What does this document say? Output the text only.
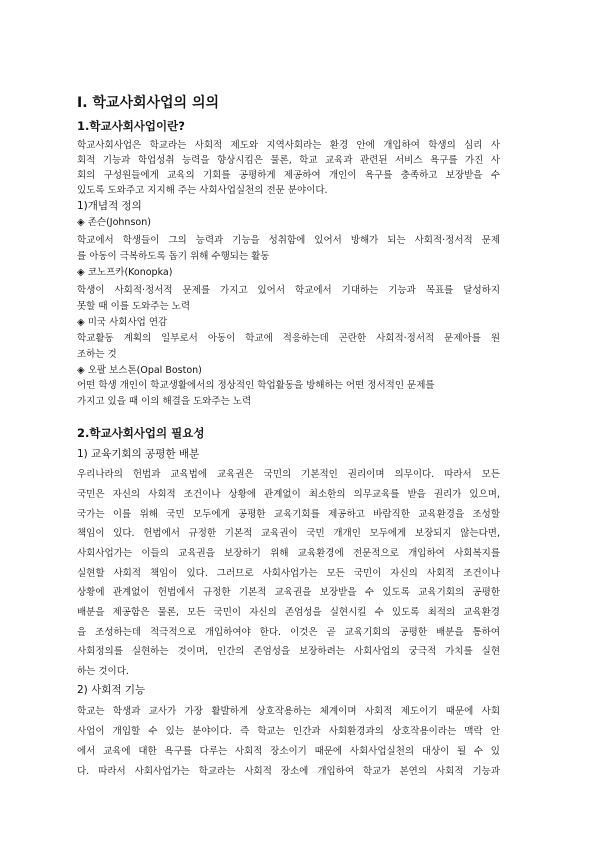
Ⅰ. 학교사회사업의 의의
1.학교사회사업이란?
학교사회사업은 학교라는 사회적 제도와 지역사회라는 환경 안에 개입하여 학생의 심리 사
회적 기능과 학업성취 능력을 향상시킴은 물론, 학교 교육과 관련된 서비스 욕구를 가진 사
회의 구성원들에게 교육의 기회를 공평하게 제공하여 개인이 욕구를 충족하고 보장받을 수
있도록 도와주고 지지해 주는 사회사업실천의 전문 분야이다.
1)개념적 정의
◈ 존슨(Johnson)
학교에서 학생들이 그의 능력과 기능을 성취함에 있어서 방해가 되는 사회적·정서적 문제
를 아동이 극복하도록 돕기 위해 수행되는 활동
◈ 코노프카(Konopka)
학생이 사회적·정서적 문제를 가지고 있어서 학교에서 기대하는 기능과 목표를 달성하지
못할 때 이를 도와주는 노력
◈ 미국 사회사업 연감
학교활동 계획의 일부로서 아동이 학교에 적응하는데 곤란한 사회적·정서적 문제아를 원
조하는 것
◈ 오팔 보스톤(Opal Boston)
어떤 학생 개인이 학교생활에서의 정상적인 학업활동을 방해하는 어떤 정서적인 문제를
가지고 있을 때 이의 해결을 도와주는 노력
2.학교사회사업의 필요성
1) 교육기회의 공평한 배분
우리나라의 헌법과 교육법에 교육권은 국민의 기본적인 권리이며 의무이다. 따라서 모든
국민은 자신의 사회적 조건이나 상황에 관계없이 최소한의 의무교육를 받을 권리가 있으며,
국가는 이를 위해 국민 모두에게 공평한 교육기회를 제공하고 바람직한 교육환경을 조성할
책임이 있다. 헌법에서 규정한 기본적 교육권이 국민 개개인 모두에게 보장되지 않는다면,
사회사업가는 이들의 교육권을 보장하기 위해 교육환경에 전문적으로 개입하여 사회복지를
실현할 사회적 책임이 있다. 그러므로 사회사업가는 모든 국민이 자신의 사회적 조건이나
상황에 관계없이 헌법에서 규정한 기본적 교육권을 보장받을 수 있도록 교육기회의 공평한
배분을 제공함은 물론, 모든 국민이 자신의 존엄성을 실현시킬 수 있도록 최적의 교육환경
을 조성하는데 적극적으로 개입하여야 한다. 이것은 곧 교육기회의 공평한 배분을 통하여
사회정의를 실현하는 것이며, 인간의 존엄성을 보장하려는 사회사업의 궁극적 가치를 실현
하는 것이다.
2) 사회적 기능
학교는 학생과 교사가 가장 활발하게 상호작용하는 체계이며 사회적 제도이기 때문에 사회
사업이 개입할 수 있는 분야이다. 즉 학교는 인간과 사회환경과의 상호작용이라는 맥락 안
에서 교육에 대한 욕구를 다루는 사회적 장소이기 때문에 사회사업실천의 대상이 될 수 있
다. 따라서 사회사업가는 학교라는 사회적 장소에 개입하여 학교가 본연의 사회적 기능과
